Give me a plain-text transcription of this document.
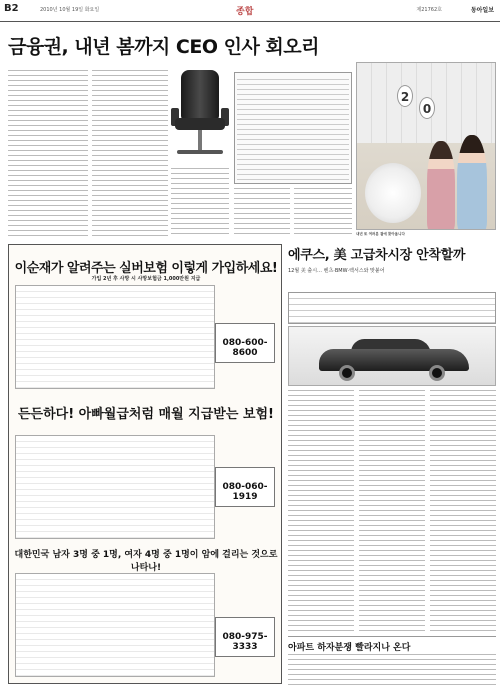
B2	2010년 10월 19일 화요일	종합	제21762호	동아일보
금융권, 내년 봄까지 CEO 인사 회오리
2
0
내년 또 여러분 곁에 찾아옵니다
이순재가 알려주는 실버보험 이렇게 가입하세요!
가입 2년 후 사망 시 사망보험금 1,000만원 지급
080-600-8600
든든하다! 아빠월급처럼 매월 지급받는 보험!
080-060-1919
대한민국 남자 3명 중 1명, 여자 4명 중 1명이 암에 걸리는 것으로 나타나!
080-975-3333
에쿠스, 美 고급차시장 안착할까
12월 美 출시… 벤츠·BMW·렉서스와 맞붙어
아파트 하자분쟁 빨라지나 온다
